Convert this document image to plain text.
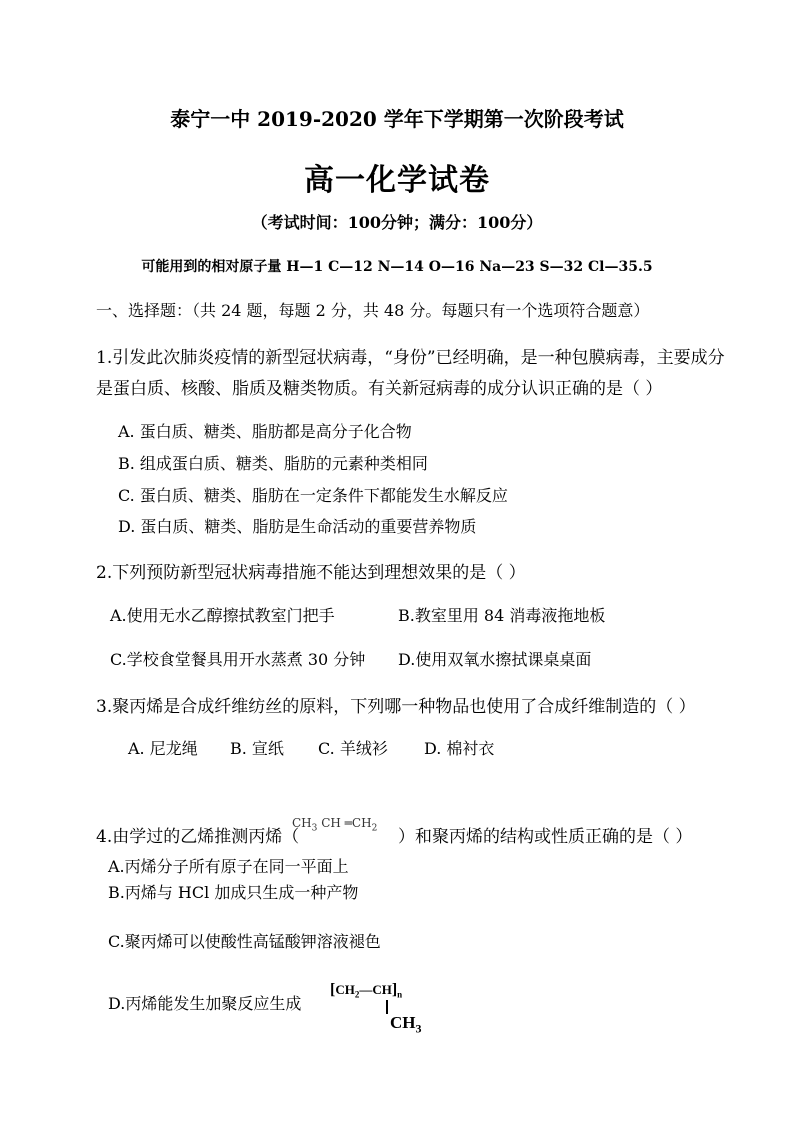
泰宁一中 2019-2020 学年下学期第一次阶段考试
高一化学试卷
（考试时间：100分钟；满分：100分）
可能用到的相对原子量 H—1 C—12 N—14 O—16 Na—23 S—32 Cl—35.5
一、选择题：（共 24 题，每题 2 分，共 48 分。每题只有一个选项符合题意）
1.引发此次肺炎疫情的新型冠状病毒，“身份”已经明确，是一种包膜病毒，主要成分
是蛋白质、核酸、脂质及糖类物质。有关新冠病毒的成分认识正确的是（ ）
A. 蛋白质、糖类、脂肪都是高分子化合物
B. 组成蛋白质、糖类、脂肪的元素种类相同
C. 蛋白质、糖类、脂肪在一定条件下都能发生水解反应
D. 蛋白质、糖类、脂肪是生命活动的重要营养物质
2.下列预防新型冠状病毒措施不能达到理想效果的是（ ）
A.使用无水乙醇擦拭教室门把手	B.教室里用 84 消毒液拖地板
C.学校食堂餐具用开水蒸煮 30 分钟 D.使用双氧水擦拭课桌桌面
3.聚丙烯是合成纤维纺丝的原料，下列哪一种物品也使用了合成纤维制造的（ ）
A. 尼龙绳 B. 宣纸 C. 羊绒衫 D. 棉衬衣
4.由学过的乙烯推测丙烯（
$CH_3$ CH $═CH_2$ ）和聚丙烯的结构或性质正确的是（ ）
A.丙烯分子所有原子在同一平面上
B.丙烯与 HCl 加成只生成一种产物
C.聚丙烯可以使酸性高锰酸钾溶液褪色
D.丙烯能发生加聚反应生成
$[CH_2—CH]_n$
$CH_3$
